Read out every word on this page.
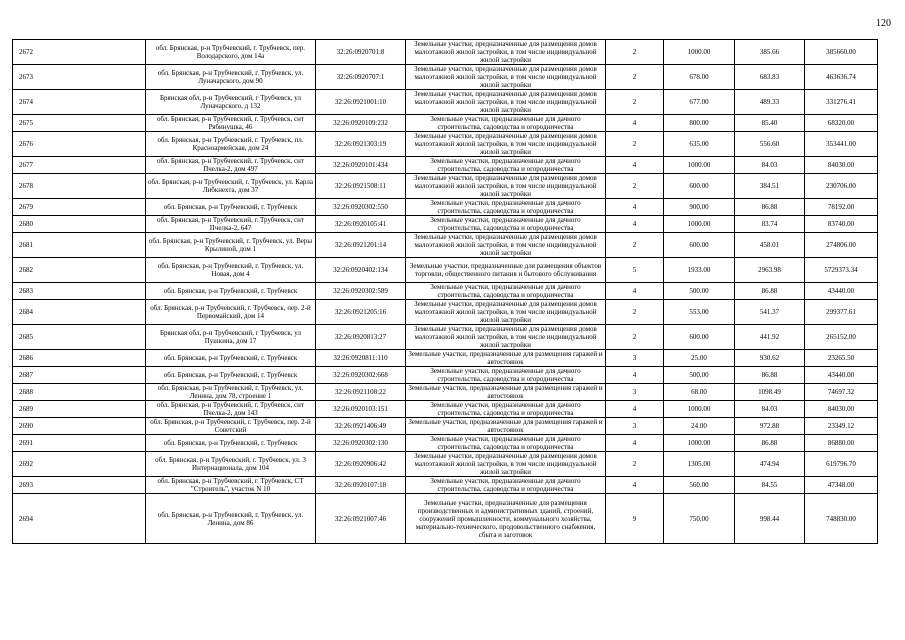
120
2672	обл. Брянская, р-н Трубчевский, г. Трубчевск, пер. Володарского, дом 14а	32:26:0920701:8	Земельные участки, предназначенные для размещения домов малоэтажной жилой застройки, в том числе индивидуальной жилой застройки	2	1000.00	385.66	385660.00
2673	обл. Брянская, р-н Трубчевский, г. Трубчевск, ул. Луначарского, дом 90	32:26:0920707:1	Земельные участки, предназначенные для размещения домов малоэтажной жилой застройки, в том числе индивидуальной жилой застройки	2	678.00	683.83	463636.74
2674	Брянская обл, р-н Трубчевский, г Трубчевск, ул Луначарского, д 132	32:26:0921001:10	Земельные участки, предназначенные для размещения домов малоэтажной жилой застройки, в том числе индивидуальной жилой застройки	2	677.00	489.33	331276.41
2675	обл. Брянская, р-н Трубчевский, г. Трубчевск, снт Рябинушка, 46	32:26:0920109:232	Земельные участки, предназначенные для дачного строительства, садоводства и огородничества	4	800.00	85.40	68320.00
2676	обл. Брянская, р-н Трубчевский, г. Трубчевск, пл. Красноармейская, дом 24	32:26:0921303:19	Земельные участки, предназначенные для размещения домов малоэтажной жилой застройки, в том числе индивидуальной жилой застройки	2	635.00	556.60	353441.00
2677	обл. Брянская, р-н Трубчевский, г. Трубчевск, снт Пчелка-2, дом 497	32:26:0920101:434	Земельные участки, предназначенные для дачного строительства, садоводства и огородничества	4	1000.00	84.03	84030.00
2678	обл. Брянская, р-н Трубчевский, г. Трубчевск, ул. Карла Либкнехта, дом 37	32:26:0921508:11	Земельные участки, предназначенные для размещения домов малоэтажной жилой застройки, в том числе индивидуальной жилой застройки	2	600.00	384.51	230706.00
2679	обл. Брянская, р-н Трубчевский, г. Трубчевск	32:26:0920302:550	Земельные участки, предназначенные для дачного строительства, садоводства и огородничества	4	900.00	86.88	78192.00
2680	обл. Брянская, р-н Трубчевский, г. Трубчевск, снт Пчелка-2, 647	32:26:0920105:41	Земельные участки, предназначенные для дачного строительства, садоводства и огородничества	4	1000.00	83.74	83740.00
2681	обл. Брянская, р-н Трубчевский, г. Трубчевск, ул. Веры Крылиной, дом 1	32:26:0921201:14	Земельные участки, предназначенные для размещения домов малоэтажной жилой застройки, в том числе индивидуальной жилой застройки	2	600.00	458.01	274806.00
2682	обл. Брянская, р-н Трубчевский, г. Трубчевск, ул. Новая, дом 4	32:26:0920402:134	Земельные участки, предназначенные для размещения объектов торговли, общественного питания и бытового обслуживания	5	1933.00	2963.98	5729373.34
2683	обл. Брянская, р-н Трубчевский, г. Трубчевск	32:26:0920302:589	Земельные участки, предназначенные для дачного строительства, садоводства и огородничества	4	500.00	86.88	43440.00
2684	обл. Брянская, р-н Трубчевский, г. Трубчевск, пер. 2-й Первомайский, дом 14	32:26:0921205:16	Земельные участки, предназначенные для размещения домов малоэтажной жилой застройки, в том числе индивидуальной жилой застройки	2	553.00	541.37	299377.61
2685	Брянская обл, р-н Трубчевский, г Трубчевск, ул Пушкина, дом 17	32:26:0920813:27	Земельные участки, предназначенные для размещения домов малоэтажной жилой застройки, в том числе индивидуальной жилой застройки	2	600.00	441.92	265152.00
2686	обл. Брянская, р-н Трубчевский, г. Трубчевск	32:26:0920811:110	Земельные участки, предназначенные для размещения гаражей и автостоянок	3	25.00	930.62	23265.50
2687	обл. Брянская, р-н Трубчевский, г. Трубчевск	32:26:0920302:668	Земельные участки, предназначенные для дачного строительства, садоводства и огородничества	4	500.00	86.88	43440.00
2688	обл. Брянская, р-н Трубчевский, г. Трубчевск, ул. Ленина, дом 78, строение 1	32:26:0921108:22	Земельные участки, предназначенные для размещения гаражей и автостоянок	3	68.00	1098.49	74697.32
2689	обл. Брянская, р-н Трубчевский, г. Трубчевск, снт Пчелка-2, дом 143	32:26:0920103:151	Земельные участки, предназначенные для дачного строительства, садоводства и огородничества	4	1000.00	84.03	84030.00
2690	обл. Брянская, р-н Трубчевский, г. Трубчевск, пер. 2-й Советский	32:26:0921406:49	Земельные участки, предназначенные для размещения гаражей и автостоянок	3	24.00	972.88	23349.12
2691	обл. Брянская, р-н Трубчевский, г. Трубчевск	32:26:0920302:130	Земельные участки, предназначенные для дачного строительства, садоводства и огородничества	4	1000.00	86.88	86880.00
2692	обл. Брянская, р-н Трубчевский, г. Трубчевск, ул. 3 Интернационала, дом 104	32:26:0920906:42	Земельные участки, предназначенные для размещения домов малоэтажной жилой застройки, в том числе индивидуальной жилой застройки	2	1305.00	474.94	619796.70
2693	обл. Брянская, р-н Трубчевский, г. Трубчевск, СТ "Строитель", участок N 10	32:26:0920107:18	Земельные участки, предназначенные для дачного строительства, садоводства и огородничества	4	560.00	84.55	47348.00
2694	обл. Брянская, р-н Трубчевский, г. Трубчевск, ул. Ленина, дом 86	32:26:0921007:46	Земельные участки, предназначенные для размещения производственных и административных зданий, строений, сооружений промышленности, коммунального хозяйства, материально-технического, продовольственного снабжения, сбыта и заготовок	9	750.00	998.44	748830.00
